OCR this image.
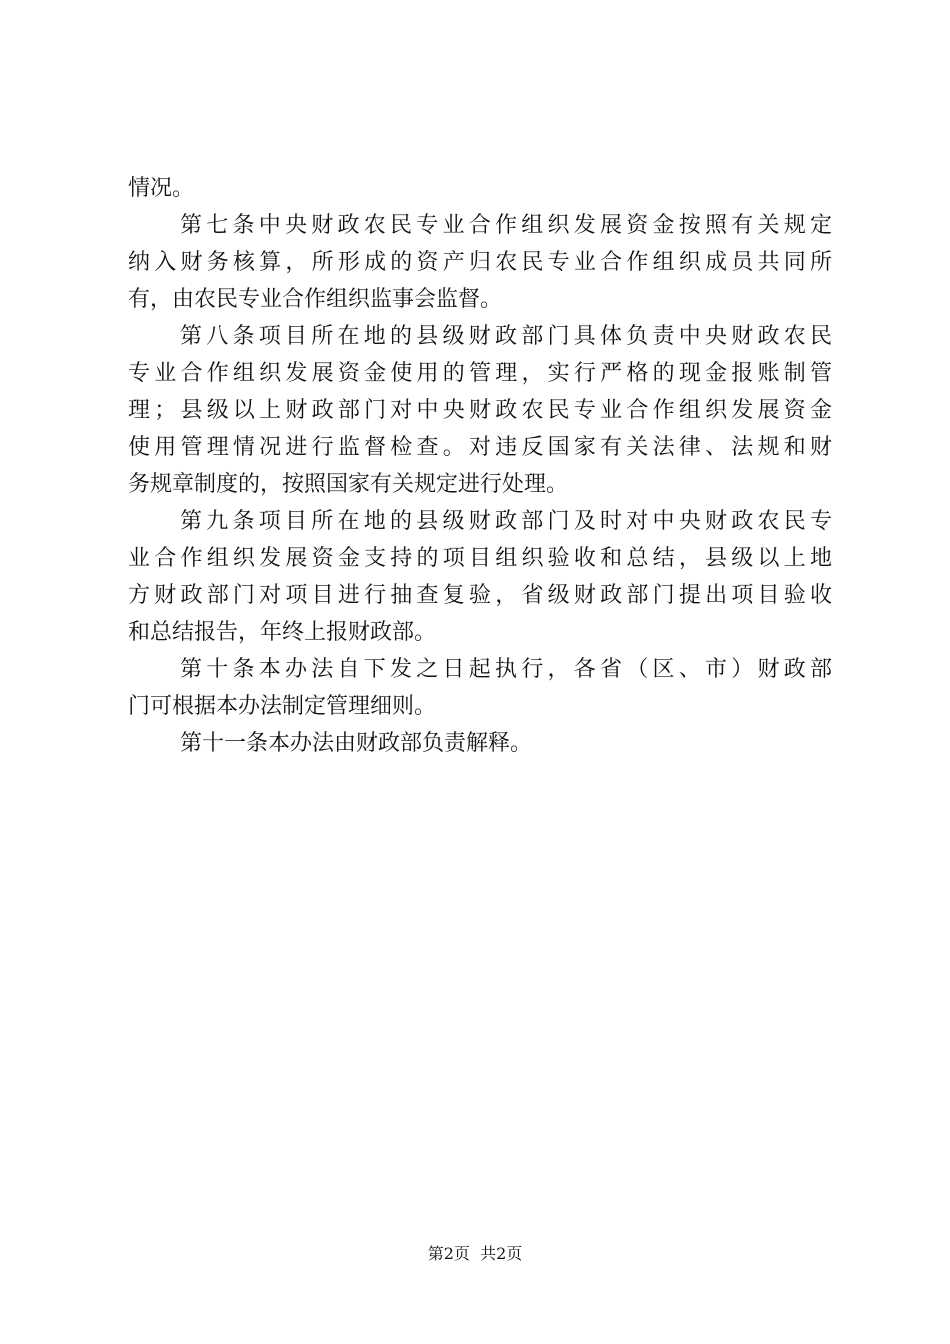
情况。
第七条中央财政农民专业合作组织发展资金按照有关规定
纳入财务核算，所形成的资产归农民专业合作组织成员共同所
有，由农民专业合作组织监事会监督。
第八条项目所在地的县级财政部门具体负责中央财政农民
专业合作组织发展资金使用的管理，实行严格的现金报账制管
理；县级以上财政部门对中央财政农民专业合作组织发展资金
使用管理情况进行监督检查。对违反国家有关法律、法规和财
务规章制度的，按照国家有关规定进行处理。
第九条项目所在地的县级财政部门及时对中央财政农民专
业合作组织发展资金支持的项目组织验收和总结，县级以上地
方财政部门对项目进行抽查复验，省级财政部门提出项目验收
和总结报告，年终上报财政部。
第十条本办法自下发之日起执行，各省（区、市）财政部
门可根据本办法制定管理细则。
第十一条本办法由财政部负责解释。
第2页  共2页
